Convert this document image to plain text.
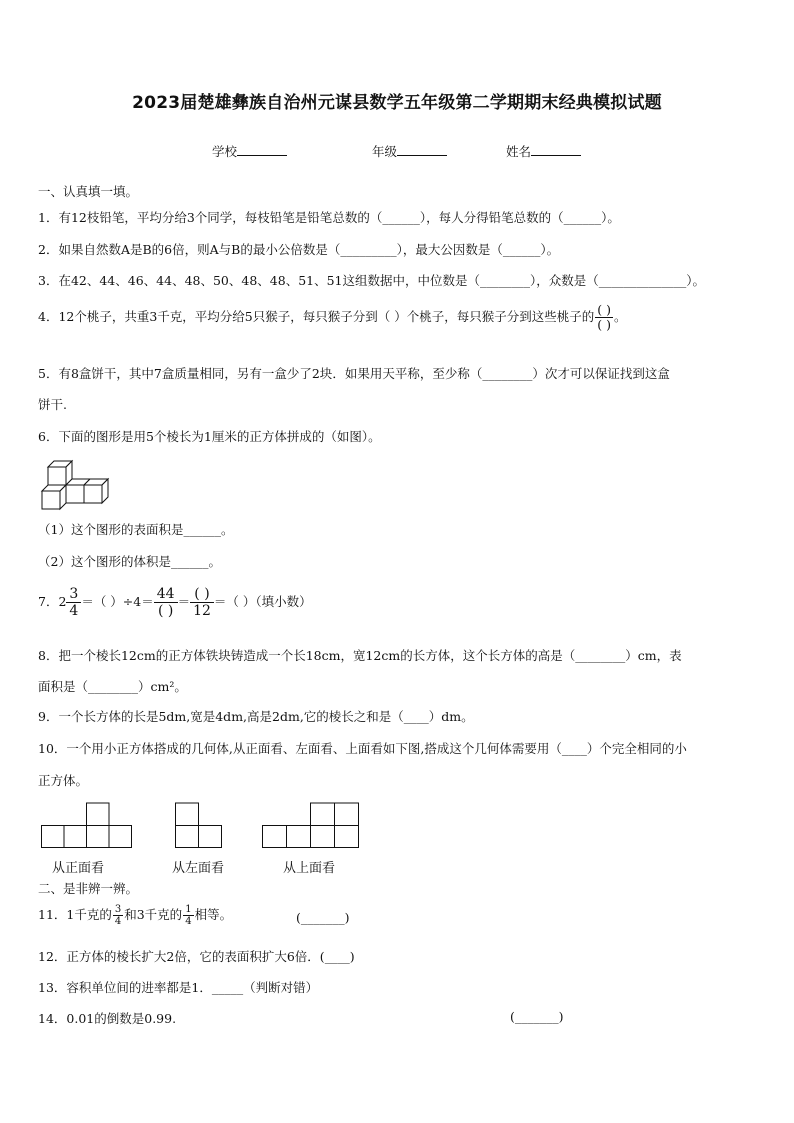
2023届楚雄彝族自治州元谋县数学五年级第二学期期末经典模拟试题
学校	年级	姓名
一、认真填一填。
1．有12枝铅笔，平均分给3个同学，每枝铅笔是铅笔总数的（______），每人分得铅笔总数的（______）。
2．如果自然数A是B的6倍，则A与B的最小公倍数是（_________），最大公因数是（______）。
3．在42、44、46、44、48、50、48、48、51、51这组数据中，中位数是（________），众数是（______________）。
4．12个桃子，共重3千克，平均分给5只猴子，每只猴子分到（ ）个桃子，每只猴子分到这些桃子的 $\frac{( )}{( )}$ 。
5．有8盒饼干，其中7盒质量相同，另有一盒少了2块．如果用天平称，至少称（________）次才可以保证找到这盒
饼干.
6．下面的图形是用5个棱长为1厘米的正方体拼成的（如图）。
（1）这个图形的表面积是______。
（2）这个图形的体积是______。
7．$2 \frac{3}{4}$ ＝（ ）$\div 4= \frac{44}{( )} = \frac{( )}{12}$ ＝（ ）（填小数）
8．把一个棱长12cm的正方体铁块铸造成一个长18cm，宽12cm的长方体，这个长方体的高是（________）cm，表
面积是（________）cm²。
9．一个长方体的长是5dm,宽是4dm,高是2dm,它的棱长之和是（____）dm。
10．一个用小正方体搭成的几何体,从正面看、左面看、上面看如下图,搭成这个几何体需要用（____）个完全相同的小
正方体。
从正面看	从左面看	从上面看
二、是非辨一辨。
11．1千克的 $\frac{3}{4}$ 和3千克的 $\frac{1}{4}$ 相等。	(_______)
12．正方体的棱长扩大2倍，它的表面积扩大6倍．(____)
13．容积单位间的进率都是1．_____（判断对错）
14．0.01的倒数是0.99.	(_______)
